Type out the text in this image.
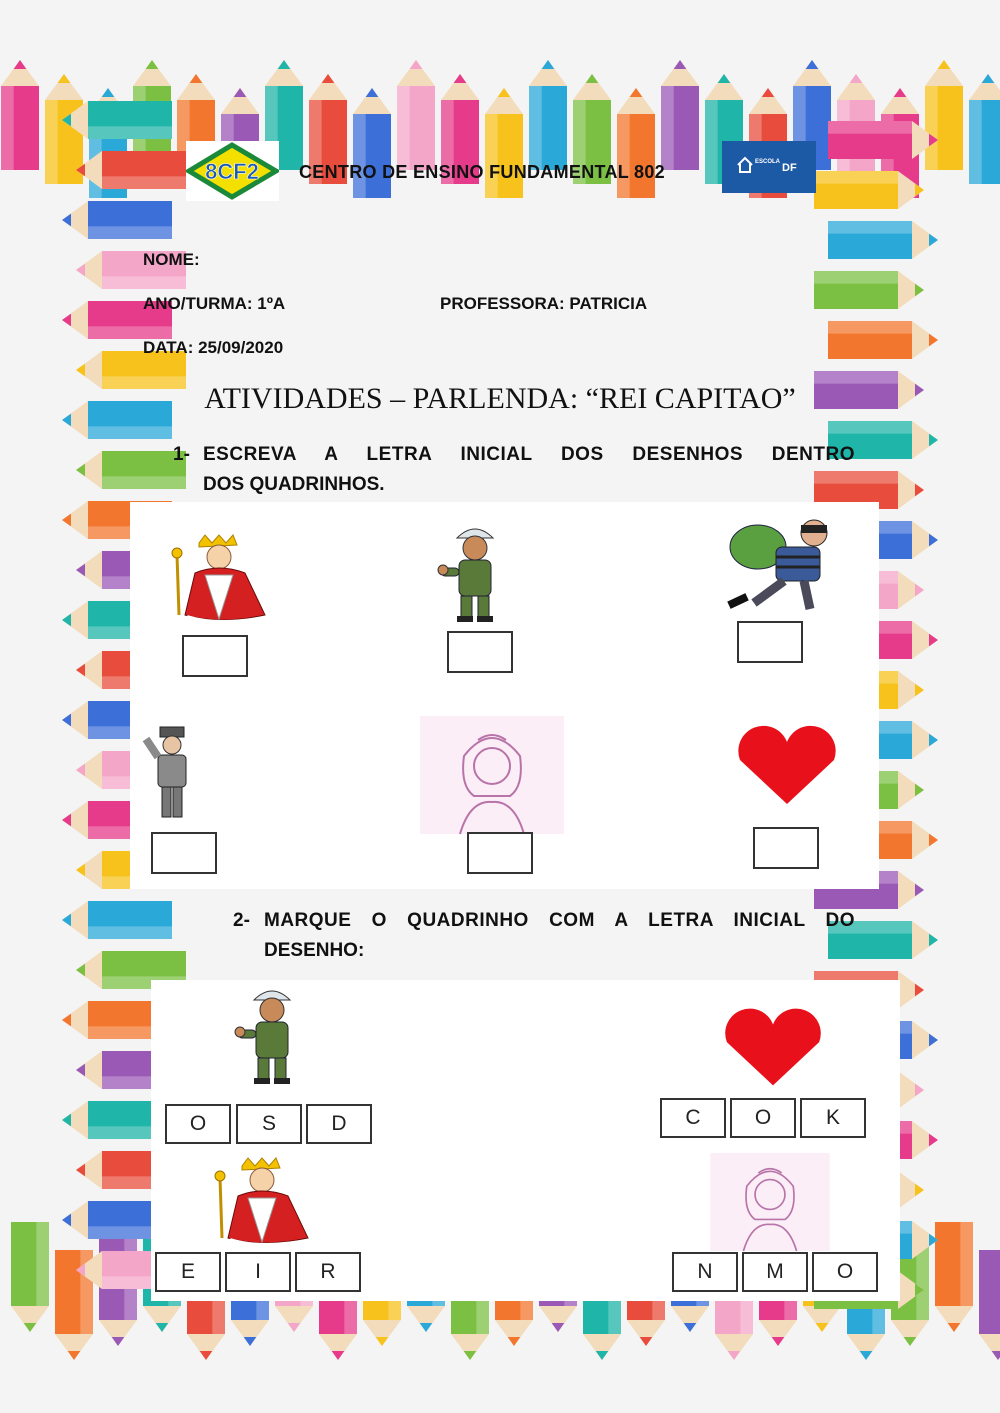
8CF2 CENTRO DE ENSINO FUNDAMENTAL 802	ESCOLA DF
NOME:
ANO/TURMA: 1ºA	PROFESSORA: PATRICIA
DATA: 25/09/2020
ATIVIDADES – PARLENDA: “REI CAPITAO”
1- ESCREVA A LETRA INICIAL DOS DESENHOS DENTRO
DOS QUADRINHOS.
2- MARQUE O QUADRINHO COM A LETRA INICIAL DO
DESENHO:
O	S	D	C	O	K
E	I	R	N	M	O
